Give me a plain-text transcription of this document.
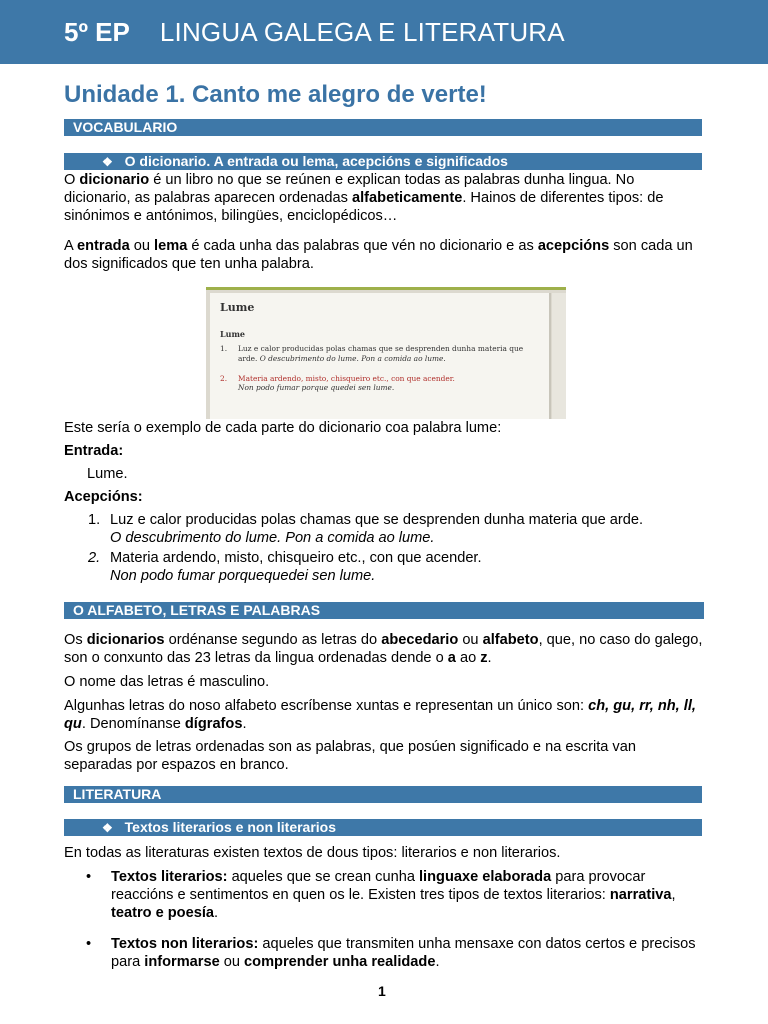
5º EP LINGUA GALEGA E LITERATURA
Unidade 1. Canto me alegro de verte!
VOCABULARIO
❖ O dicionario. A entrada ou lema, acepcións e significados
O dicionario é un libro no que se reúnen e explican todas as palabras dunha lingua. No dicionario, as palabras aparecen ordenadas alfabeticamente. Hainos de diferentes tipos: de sinónimos e antónimos, bilingües, enciclopédicos…
A entrada ou lema é cada unha das palabras que vén no dicionario e as acepcións son cada un dos significados que ten unha palabra.
Lume
Lume
1.	Luz e calor producidas polas chamas que se desprenden dunha materia que arde. O descubrimento do lume. Pon a comida ao lume.
2.	Materia ardendo, misto, chisqueiro etc., con que acender.
Non podo fumar porque quedei sen lume.
Este sería o exemplo de cada parte do dicionario coa palabra lume:
Entrada:
Lume.
Acepcións:
1. Luz e calor producidas polas chamas que se desprenden dunha materia que arde.
O descubrimento do lume. Pon a comida ao lume.
2. Materia ardendo, misto, chisqueiro etc., con que acender.
Non podo fumar porquequedei sen lume.
O ALFABETO, LETRAS E PALABRAS
Os dicionarios ordénanse segundo as letras do abecedario ou alfabeto, que, no caso do galego, son o conxunto das 23 letras da lingua ordenadas dende o a ao z.
O nome das letras é masculino.
Algunhas letras do noso alfabeto escríbense xuntas e representan un único son: ch, gu, rr, nh, ll, qu. Denomínanse dígrafos.
Os grupos de letras ordenadas son as palabras, que posúen significado e na escrita van separadas por espazos en branco.
LITERATURA
❖ Textos literarios e non literarios
En todas as literaturas existen textos de dous tipos: literarios e non literarios.
• Textos literarios: aqueles que se crean cunha linguaxe elaborada para provocar reaccións e sentimentos en quen os le. Existen tres tipos de textos literarios: narrativa, teatro e poesía.
• Textos non literarios: aqueles que transmiten unha mensaxe con datos certos e precisos para informarse ou comprender unha realidade.
1
